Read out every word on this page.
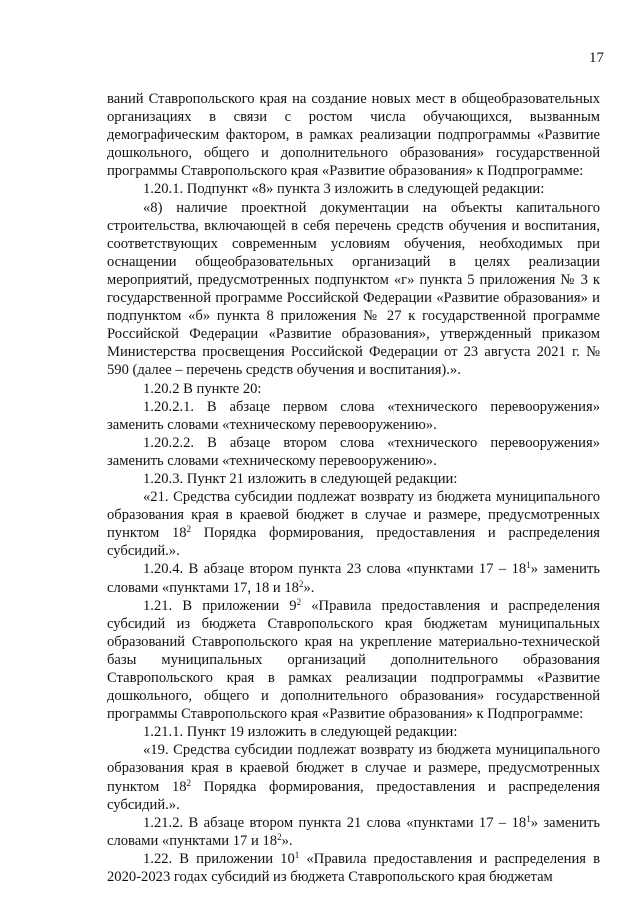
17

ваний Ставропольского края на создание новых мест в общеобразовательных организациях в связи с ростом числа обучающихся, вызванным демографическим фактором, в рамках реализации подпрограммы «Развитие дошкольного, общего и дополнительного образования» государственной программы Ставропольского края «Развитие образования» к Подпрограмме:

1.20.1. Подпункт «8» пункта 3 изложить в следующей редакции:

«8) наличие проектной документации на объекты капитального строительства, включающей в себя перечень средств обучения и воспитания, соответствующих современным условиям обучения, необходимых при оснащении общеобразовательных организаций в целях реализации мероприятий, предусмотренных подпунктом «г» пункта 5 приложения № 3 к государственной программе Российской Федерации «Развитие образования» и подпунктом «б» пункта 8 приложения № 27 к государственной программе Российской Федерации «Развитие образования», утвержденный приказом Министерства просвещения Российской Федерации от 23 августа 2021 г. № 590 (далее – перечень средств обучения и воспитания).».

1.20.2 В пункте 20:

1.20.2.1. В абзаце первом слова «технического перевооружения» заменить словами «техническому перевооружению».

1.20.2.2. В абзаце втором слова «технического перевооружения» заменить словами «техническому перевооружению».

1.20.3. Пункт 21 изложить в следующей редакции:

«21. Средства субсидии подлежат возврату из бюджета муниципального образования края в краевой бюджет в случае и размере, предусмотренных пунктом $18^2$ Порядка формирования, предоставления и распределения субсидий.».

1.20.4. В абзаце втором пункта 23 слова «пунктами $17 - 18^1$» заменить словами «пунктами 17, 18 и $18^2$».

1.21. В приложении $9^2$ «Правила предоставления и распределения субсидий из бюджета Ставропольского края бюджетам муниципальных образований Ставропольского края на укрепление материально-технической базы муниципальных организаций дополнительного образования Ставропольского края в рамках реализации подпрограммы «Развитие дошкольного, общего и дополнительного образования» государственной программы Ставропольского края «Развитие образования» к Подпрограмме:

1.21.1. Пункт 19 изложить в следующей редакции:

«19. Средства субсидии подлежат возврату из бюджета муниципального образования края в краевой бюджет в случае и размере, предусмотренных пунктом $18^2$ Порядка формирования, предоставления и распределения субсидий.».

1.21.2. В абзаце втором пункта 21 слова «пунктами $17 - 18^1$» заменить словами «пунктами 17 и $18^2$».

1.22. В приложении $10^1$ «Правила предоставления и распределения в 2020-2023 годах субсидий из бюджета Ставропольского края бюджетам
